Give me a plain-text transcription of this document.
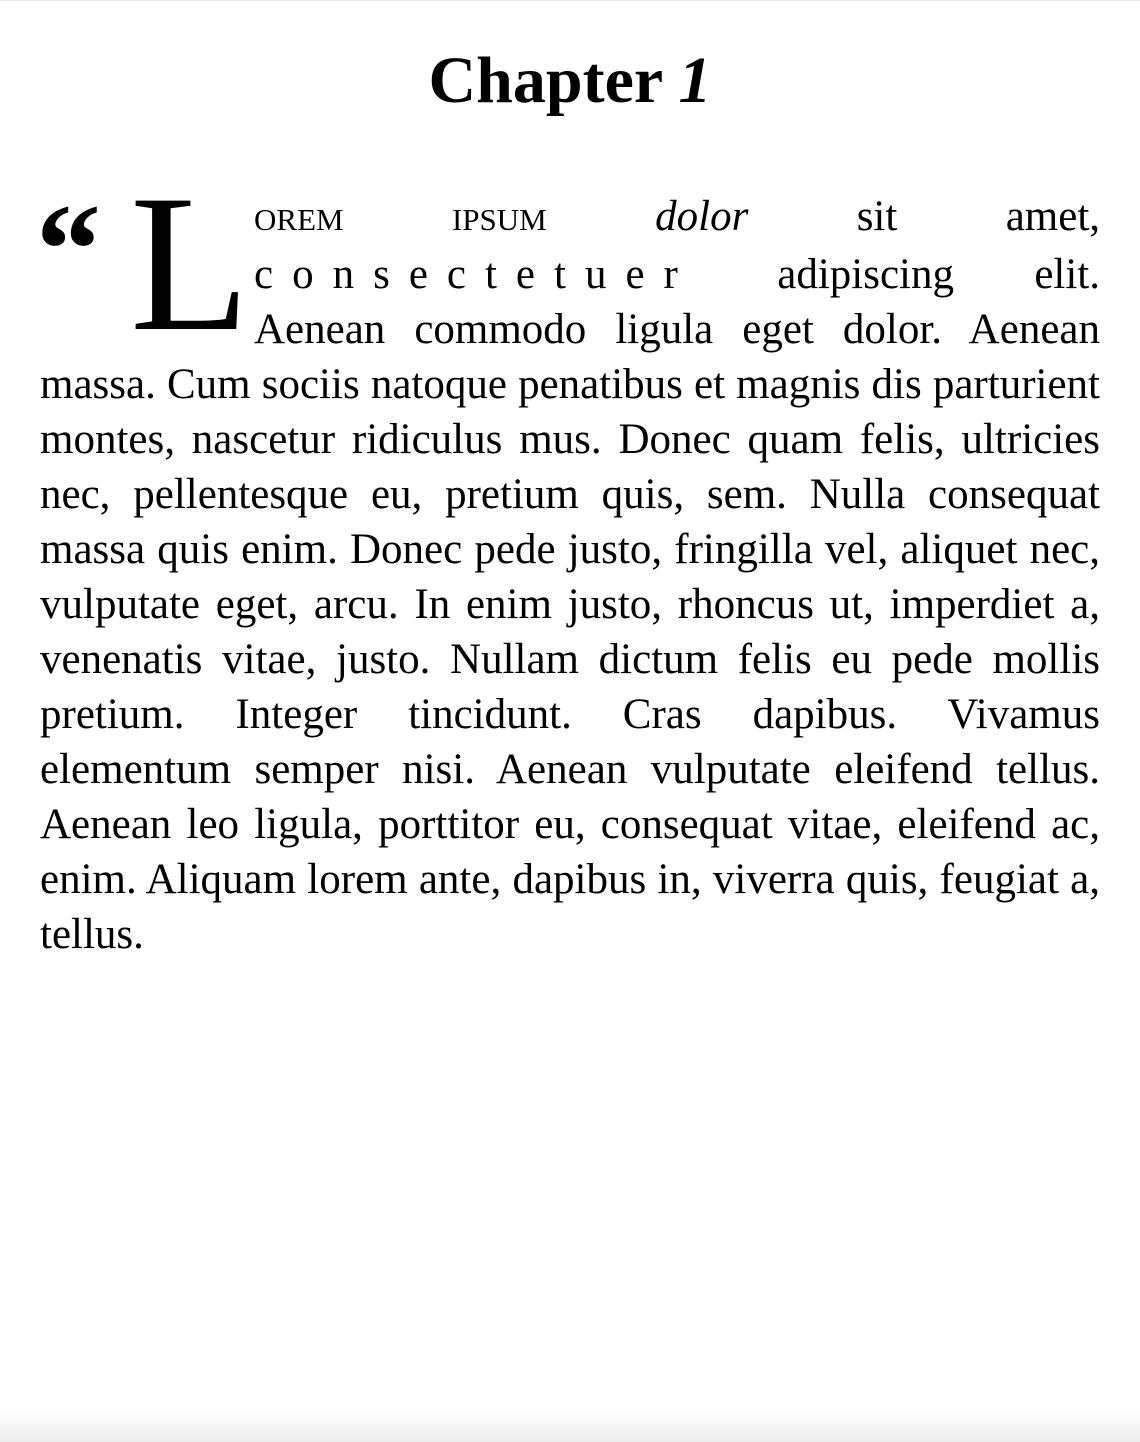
Chapter 1

“ L OREM	IPSUM	dolor	sit amet, consectetuer adipiscing elit. Aenean commodo ligula eget dolor. Aenean massa. Cum sociis natoque penatibus et magnis dis parturient montes, nascetur ridiculus mus. Donec quam felis, ultricies nec, pellentesque eu, pretium quis, sem. Nulla consequat massa quis enim. Donec pede justo, fringilla vel, aliquet nec, vulputate eget, arcu. In enim justo, rhoncus ut, imperdiet a, venenatis vitae, justo. Nullam dictum felis eu pede mollis pretium. Integer tincidunt. Cras dapibus. Vivamus elementum semper nisi. Aenean vulputate eleifend tellus. Aenean leo ligula, porttitor eu, consequat vitae, eleifend ac, enim. Aliquam lorem ante, dapibus in, viverra quis, feugiat a, tellus.
